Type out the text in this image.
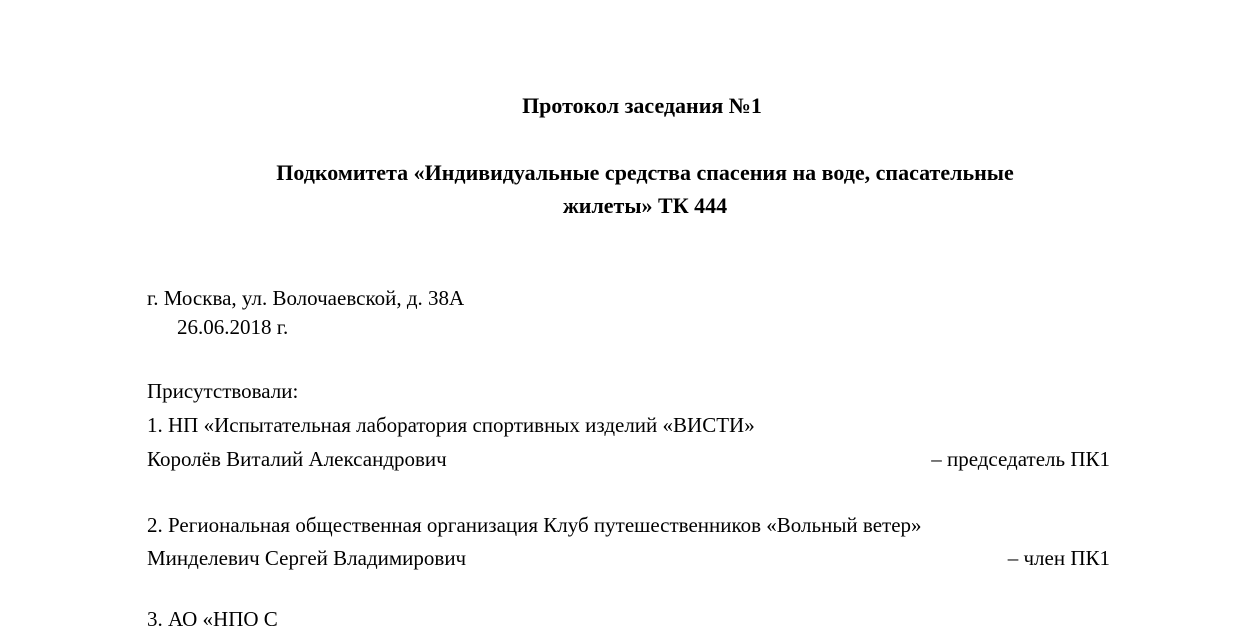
Протокол заседания №1
Подкомитета «Индивидуальные средства спасения на воде, спасательные
жилеты» ТК 444
г. Москва, ул. Волочаевской, д. 38А
26.06.2018 г.
Присутствовали:
1. НП «Испытательная лаборатория спортивных изделий «ВИСТИ»
Королёв Виталий Александрович	– председатель ПК1
2. Региональная общественная организация Клуб путешественников «Вольный ветер»
Минделевич Сергей Владимирович	– член ПК1
3. АО «НПО С
